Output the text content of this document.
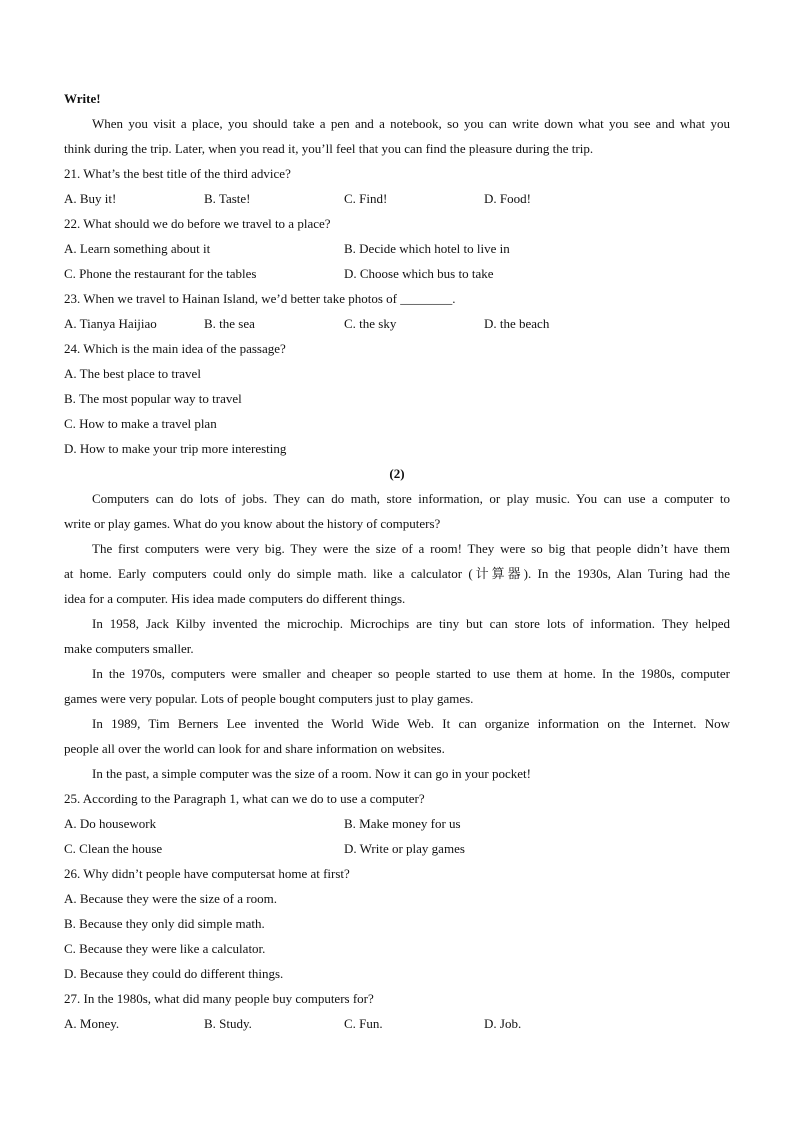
Write!

When you visit a place, you should take a pen and a notebook, so you can write down what you see and what you

think during the trip. Later, when you read it, you’ll feel that you can find the pleasure during the trip.

21. What’s the best title of the third advice?

A. Buy it!	B. Taste!	C. Find!	D. Food!

22. What should we do before we travel to a place?

A. Learn something about it	B. Decide which hotel to live in
C. Phone the restaurant for the tables	D. Choose which bus to take

23. When we travel to Hainan Island, we’d better take photos of ________.

A. Tianya Haijiao	B. the sea	C. the sky	D. the beach

24. Which is the main idea of the passage?

A. The best place to travel

B. The most popular way to travel

C. How to make a travel plan

D. How to make your trip more interesting

(2)

Computers can do lots of jobs. They can do math, store information, or play music. You can use a computer to

write or play games. What do you know about the history of computers?

The first computers were very big. They were the size of a room! They were so big that people didn’t have them

at home. Early computers could only do simple math. like a calculator (计算器). In the 1930s, Alan Turing had the

idea for a computer. His idea made computers do different things.

In 1958, Jack Kilby invented the microchip. Microchips are tiny but can store lots of information. They helped

make computers smaller.

In the 1970s, computers were smaller and cheaper so people started to use them at home. In the 1980s, computer

games were very popular. Lots of people bought computers just to play games.

In 1989, Tim Berners Lee invented the World Wide Web. It can organize information on the Internet. Now

people all over the world can look for and share information on websites.

In the past, a simple computer was the size of a room. Now it can go in your pocket!

25. According to the Paragraph 1, what can we do to use a computer?

A. Do housework	B. Make money for us
C. Clean the house	D. Write or play games

26. Why didn’t people have computersat home at first?

A. Because they were the size of a room.

B. Because they only did simple math.

C. Because they were like a calculator.

D. Because they could do different things.

27. In the 1980s, what did many people buy computers for?

A. Money.	B. Study.	C. Fun.	D. Job.
